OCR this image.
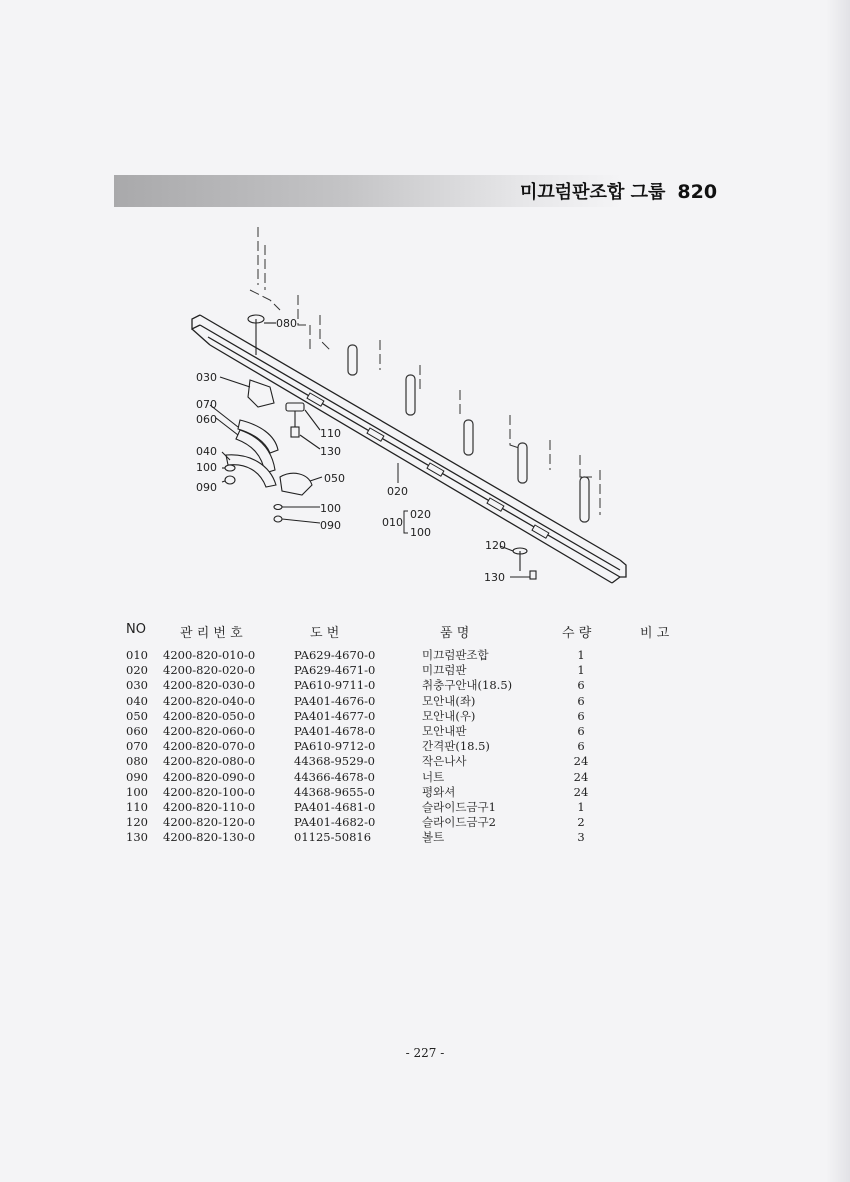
미끄럼판조합 그룹 820
080
030
070
060
040
100
090
110
130
050
100
090
020
010
020
100
120
130
NO	관 리 번 호	도 번	품 명	수 량	비 고
010 4200-820-010-0	PA629-4670-0	미끄럼판조합	1
020 4200-820-020-0	PA629-4671-0	미끄럼판	1
030 4200-820-030-0	PA610-9711-0	취충구안내(18.5)	6
040 4200-820-040-0	PA401-4676-0	모안내(좌)	6
050 4200-820-050-0	PA401-4677-0	모안내(우)	6
060 4200-820-060-0	PA401-4678-0	모안내판	6
070 4200-820-070-0	PA610-9712-0	간격판(18.5)	6
080 4200-820-080-0	44368-9529-0	작은나사	24
090 4200-820-090-0	44366-4678-0	너트	24
100 4200-820-100-0	44368-9655-0	평와셔	24
110 4200-820-110-0	PA401-4681-0	슬라이드금구1	1
120 4200-820-120-0	PA401-4682-0	슬라이드금구2	2
130 4200-820-130-0	01125-50816	볼트	3
- 227 -
